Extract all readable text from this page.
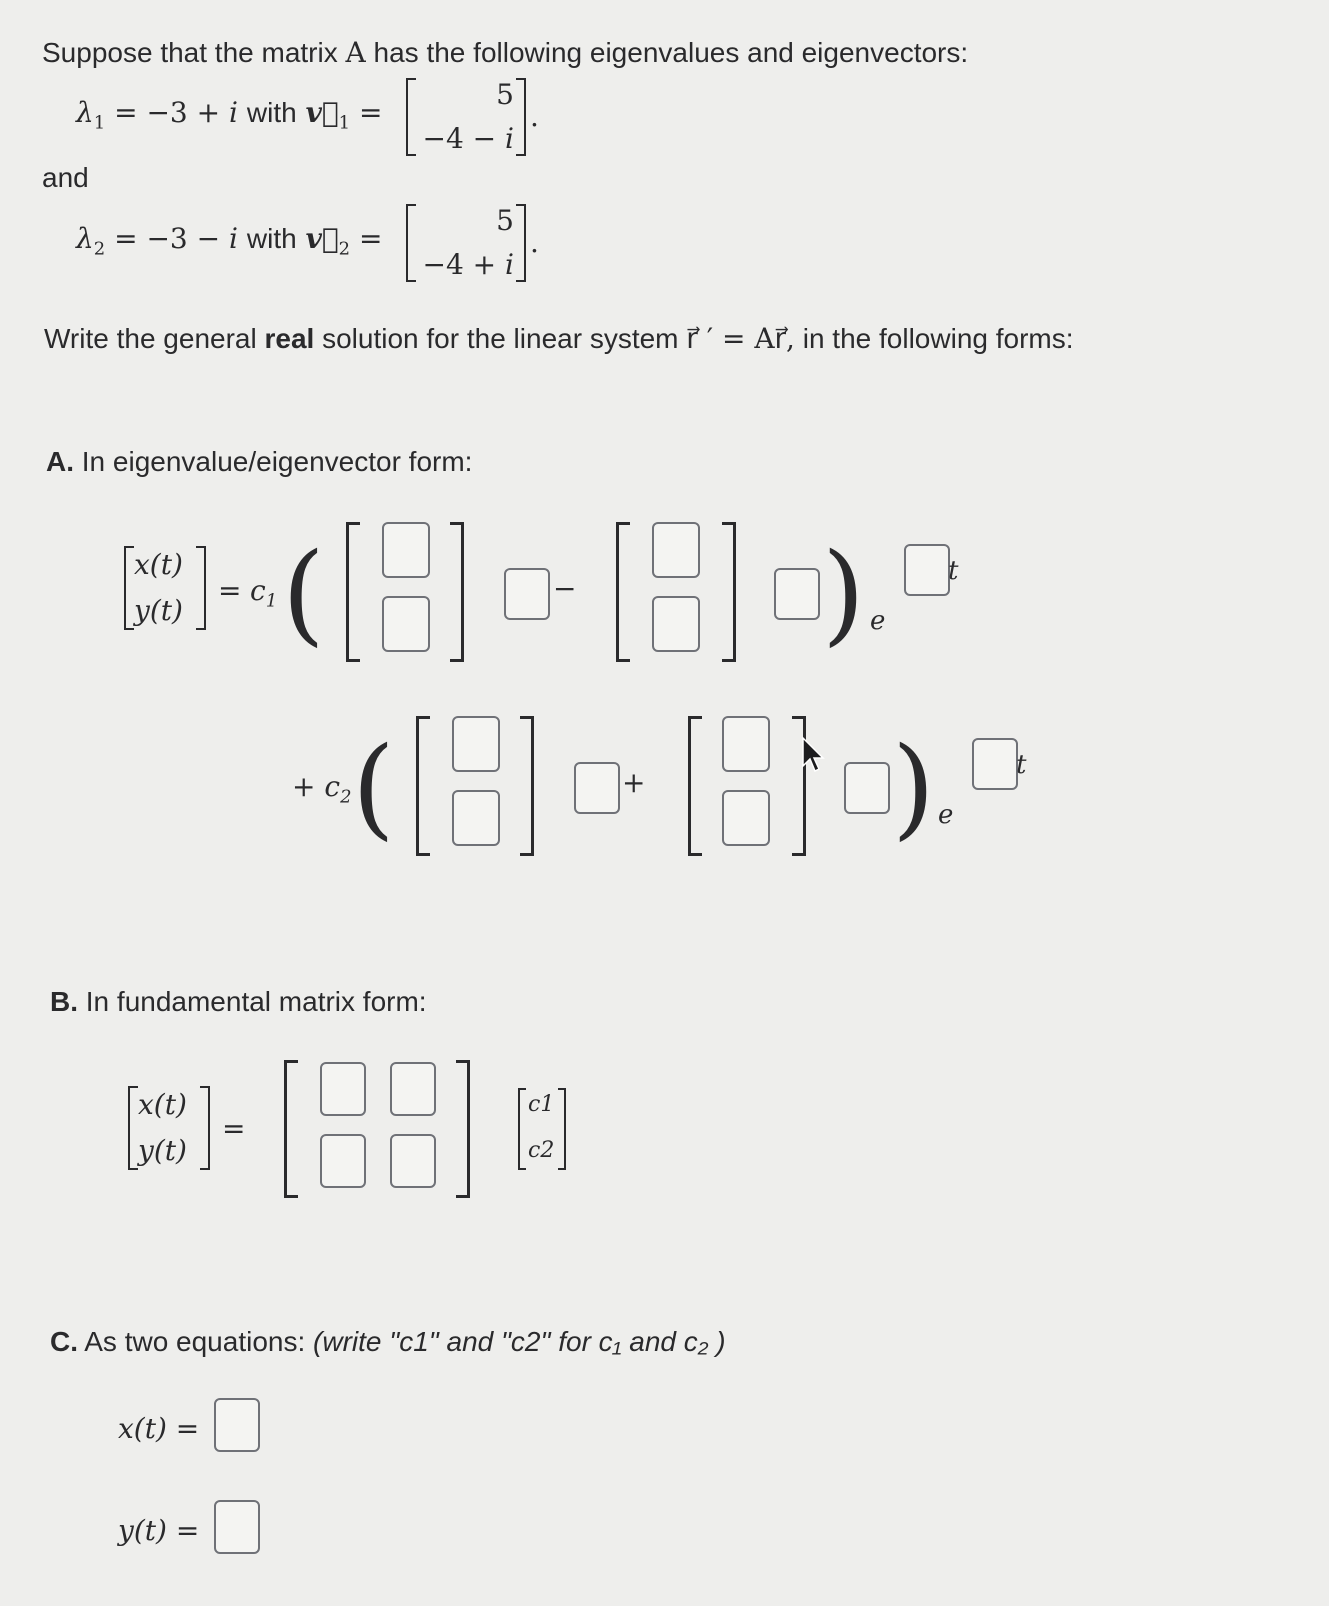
Suppose that the matrix A has the following eigenvalues and eigenvectors:
$\lambda_1 = -3$ + 𝑖 with $v⃗_1$ =
5
−4 − 𝑖
.
and
$\lambda_2 = -3$ − 𝑖 with $v⃗_2$ =
5
−4 + 𝑖
.
Write the general real solution for the linear system r⃗ ′ = Ar⃗, in the following forms:
A. In eigenvalue/eigenvector form:
x(t)
y(t)
= $c_1$ (	− ) e
t
+ $c_2$ (	+ ) e
t
B. In fundamental matrix form:
x(t)
y(t)
=
c1
c2
C. As two equations: (write "c1" and "c2" for c₁ and c₂ )
x(t) =
y(t) =
